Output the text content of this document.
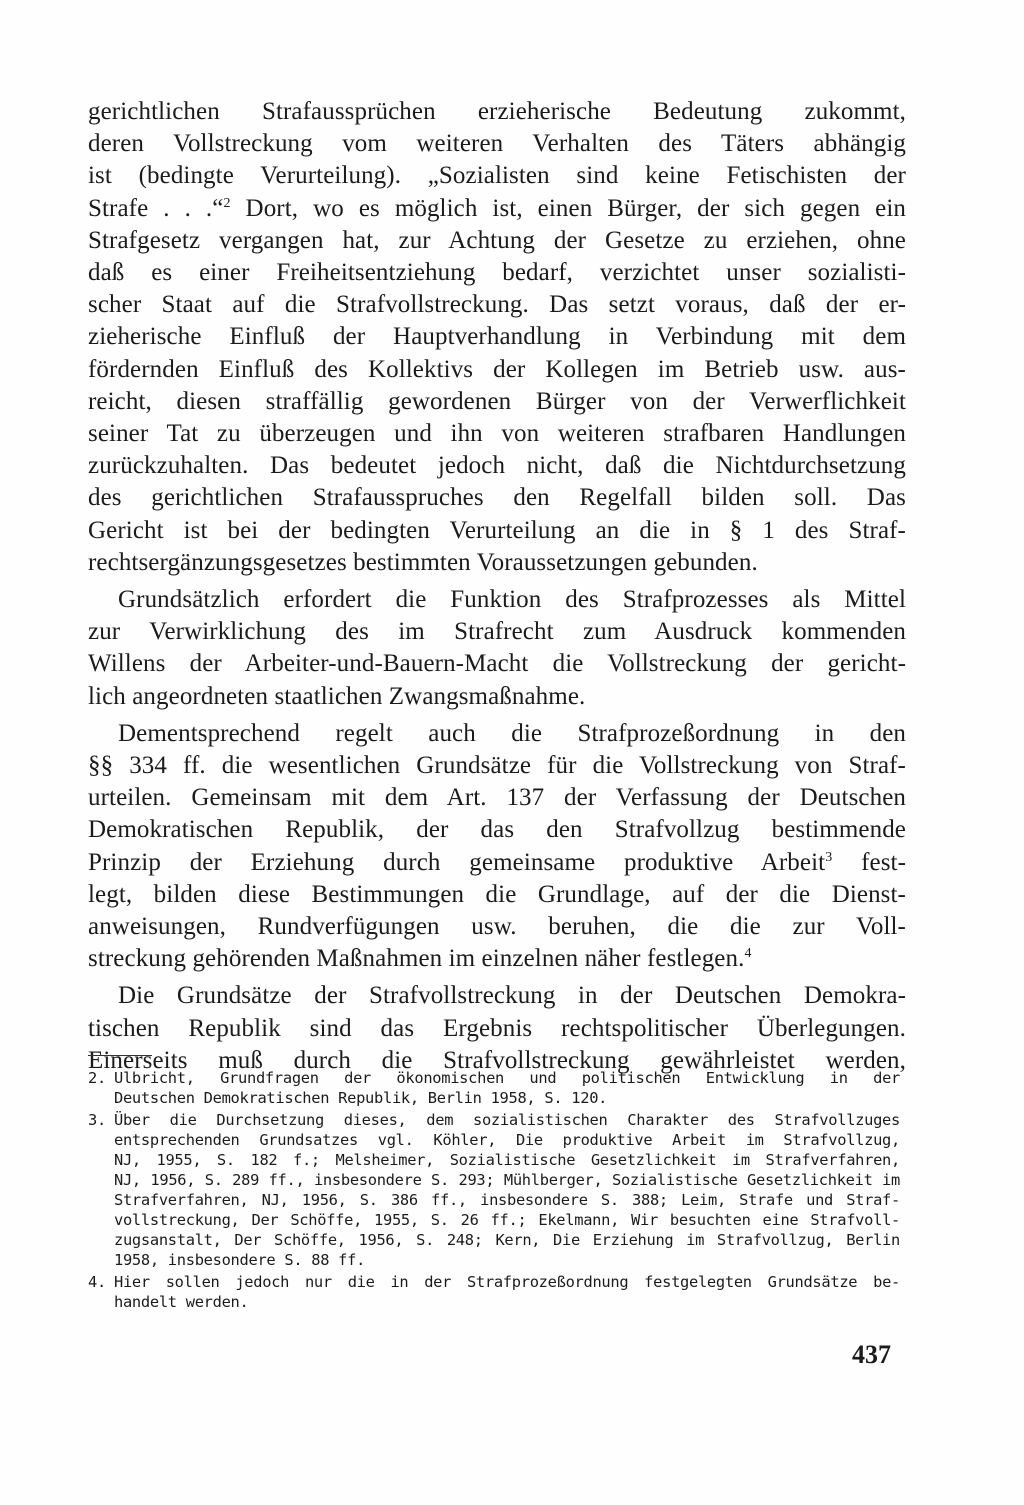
gerichtlichen Strafaussprüchen erzieherische Bedeutung zukommt,
deren Vollstreckung vom weiteren Verhalten des Täters abhängig
ist (bedingte Verurteilung). „Sozialisten sind keine Fetischisten der
Strafe . . .“$^2$ Dort, wo es möglich ist, einen Bürger, der sich gegen ein
Strafgesetz vergangen hat, zur Achtung der Gesetze zu erziehen, ohne
daß es einer Freiheitsentziehung bedarf, verzichtet unser sozialisti-
scher Staat auf die Strafvollstreckung. Das setzt voraus, daß der er-
zieherische Einfluß der Hauptverhandlung in Verbindung mit dem
fördernden Einfluß des Kollektivs der Kollegen im Betrieb usw. aus-
reicht, diesen straffällig gewordenen Bürger von der Verwerflichkeit
seiner Tat zu überzeugen und ihn von weiteren strafbaren Handlungen
zurückzuhalten. Das bedeutet jedoch nicht, daß die Nichtdurchsetzung
des gerichtlichen Strafausspruches den Regelfall bilden soll. Das
Gericht ist bei der bedingten Verurteilung an die in § 1 des Straf-
rechtsergänzungsgesetzes bestimmten Voraussetzungen gebunden.

Grundsätzlich erfordert die Funktion des Strafprozesses als Mittel
zur Verwirklichung des im Strafrecht zum Ausdruck kommenden
Willens der Arbeiter-und-Bauern-Macht die Vollstreckung der gericht-
lich angeordneten staatlichen Zwangsmaßnahme.

Dementsprechend regelt auch die Strafprozeßordnung in den
§§ 334 ff. die wesentlichen Grundsätze für die Vollstreckung von Straf-
urteilen. Gemeinsam mit dem Art. 137 der Verfassung der Deutschen
Demokratischen Republik, der das den Strafvollzug bestimmende
Prinzip der Erziehung durch gemeinsame produktive Arbeit$^3$ fest-
legt, bilden diese Bestimmungen die Grundlage, auf der die Dienst-
anweisungen, Rundverfügungen usw. beruhen, die die zur Voll-
streckung gehörenden Maßnahmen im einzelnen näher festlegen.$^4$

Die Grundsätze der Strafvollstreckung in der Deutschen Demokra-
tischen Republik sind das Ergebnis rechtspolitischer Überlegungen.
Einerseits muß durch die Strafvollstreckung gewährleistet werden,

2. Ulbricht, Grundfragen der ökonomischen und politischen Entwicklung in der
Deutschen Demokratischen Republik, Berlin 1958, S. 120.
3. Über die Durchsetzung dieses, dem sozialistischen Charakter des Strafvollzuges
entsprechenden Grundsatzes vgl. Köhler, Die produktive Arbeit im Strafvollzug,
NJ, 1955, S. 182 f.; Melsheimer, Sozialistische Gesetzlichkeit im Strafverfahren,
NJ, 1956, S. 289 ff., insbesondere S. 293; Mühlberger, Sozialistische Gesetzlichkeit im
Strafverfahren, NJ, 1956, S. 386 ff., insbesondere S. 388; Leim, Strafe und Straf-
vollstreckung, Der Schöffe, 1955, S. 26 ff.; Ekelmann, Wir besuchten eine Strafvoll-
zugsanstalt, Der Schöffe, 1956, S. 248; Kern, Die Erziehung im Strafvollzug, Berlin
1958, insbesondere S. 88 ff.
4. Hier sollen jedoch nur die in der Strafprozeßordnung festgelegten Grundsätze be-
handelt werden.
437
